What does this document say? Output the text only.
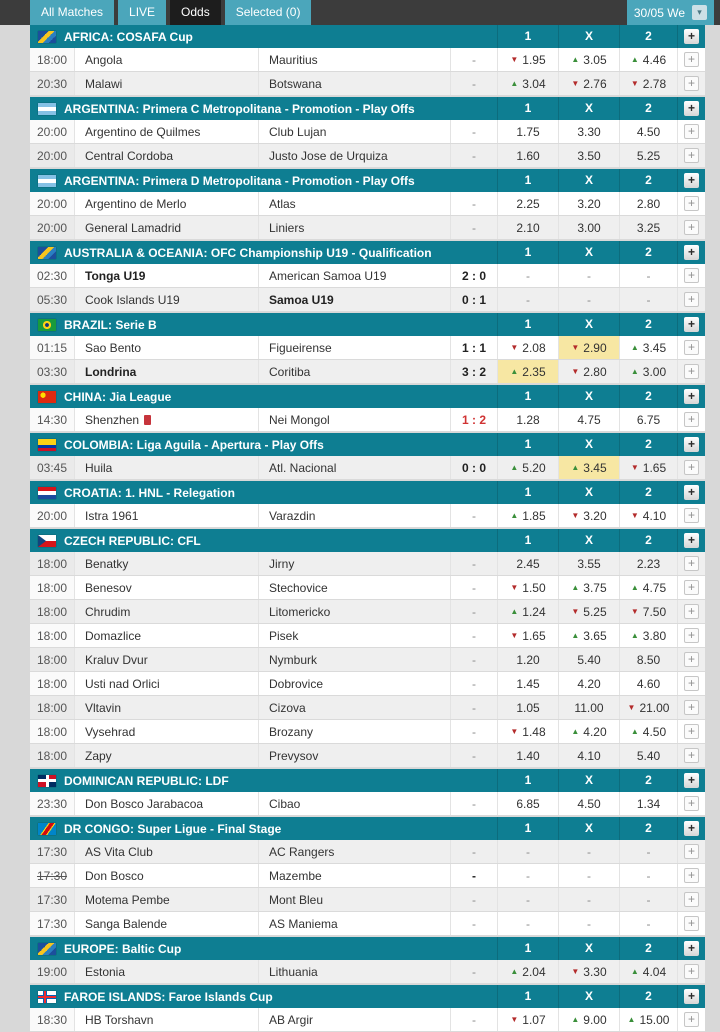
All Matches	LIVE	Odds	Selected (0)	30/05 We
▾
AFRICA: COSAFA Cup	1	X	2
+
18:00	Angola	Mauritius	- ▼	1.95 ▲	3.05 ▲	4.46
+
20:30	Malawi	Botswana	- ▲	3.04 ▼	2.76 ▼	2.78
+
ARGENTINA: Primera C Metropolitana - Promotion - Play Offs	1	X	2
+
20:00	Argentino de Quilmes	Club Lujan	-	1.75	3.30	4.50
+
20:00	Central Cordoba	Justo Jose de Urquiza	-	1.60	3.50	5.25
+
ARGENTINA: Primera D Metropolitana - Promotion - Play Offs	1	X	2
+
20:00	Argentino de Merlo	Atlas	-	2.25	3.20	2.80
+
20:00	General Lamadrid	Liniers	-	2.10	3.00	3.25
+
AUSTRALIA & OCEANIA: OFC Championship U19 - Qualification	1	X	2
+
02:30	Tonga U19	American Samoa U19	2 : 0	-	-	-
+
05:30	Cook Islands U19	Samoa U19	0 : 1	-	-	-
+
BRAZIL: Serie B	1	X	2
+
01:15	Sao Bento	Figueirense	1 : 1 ▼	2.08 ▼	2.90 ▲	3.45
+
03:30	Londrina	Coritiba	3 : 2 ▲	2.35 ▼	2.80 ▲	3.00
+
CHINA: Jia League	1	X	2
+
14:30	Shenzhen	Nei Mongol	1 : 2	1.28	4.75	6.75
+
COLOMBIA: Liga Aguila - Apertura - Play Offs	1	X	2
+
03:45	Huila	Atl. Nacional	0 : 0 ▲	5.20 ▲	3.45 ▼	1.65
+
CROATIA: 1. HNL - Relegation	1	X	2
+
20:00	Istra 1961	Varazdin	- ▲	1.85 ▼	3.20 ▼	4.10
+
CZECH REPUBLIC: CFL	1	X	2
+
18:00	Benatky	Jirny	-	2.45	3.55	2.23
+
18:00	Benesov	Stechovice	- ▼	1.50 ▲	3.75 ▲	4.75
+
18:00	Chrudim	Litomericko	- ▲	1.24 ▼	5.25 ▼	7.50
+
18:00	Domazlice	Pisek	- ▼	1.65 ▲	3.65 ▲	3.80
+
18:00	Kraluv Dvur	Nymburk	-	1.20	5.40	8.50
+
18:00	Usti nad Orlici	Dobrovice	-	1.45	4.20	4.60
+
18:00	Vltavin	Cizova	-	1.05	11.00 ▼	21.00
+
18:00	Vysehrad	Brozany	- ▼	1.48 ▲	4.20 ▲	4.50
+
18:00	Zapy	Prevysov	-	1.40	4.10	5.40
+
DOMINICAN REPUBLIC: LDF	1	X	2
+
23:30	Don Bosco Jarabacoa	Cibao	-	6.85	4.50	1.34
+
DR CONGO: Super Ligue - Final Stage	1	X	2
+
17:30	AS Vita Club	AC Rangers	-	-	-	-
+
17:30	Don Bosco	Mazembe	-	-	-	-
+
17:30	Motema Pembe	Mont Bleu	-	-	-	-
+
17:30	Sanga Balende	AS Maniema	-	-	-	-
+
EUROPE: Baltic Cup	1	X	2
+
19:00	Estonia	Lithuania	- ▲	2.04 ▼	3.30 ▲	4.04
+
FAROE ISLANDS: Faroe Islands Cup	1	X	2
+
18:30	HB Torshavn	AB Argir	- ▼	1.07 ▲	9.00 ▲	15.00
+
